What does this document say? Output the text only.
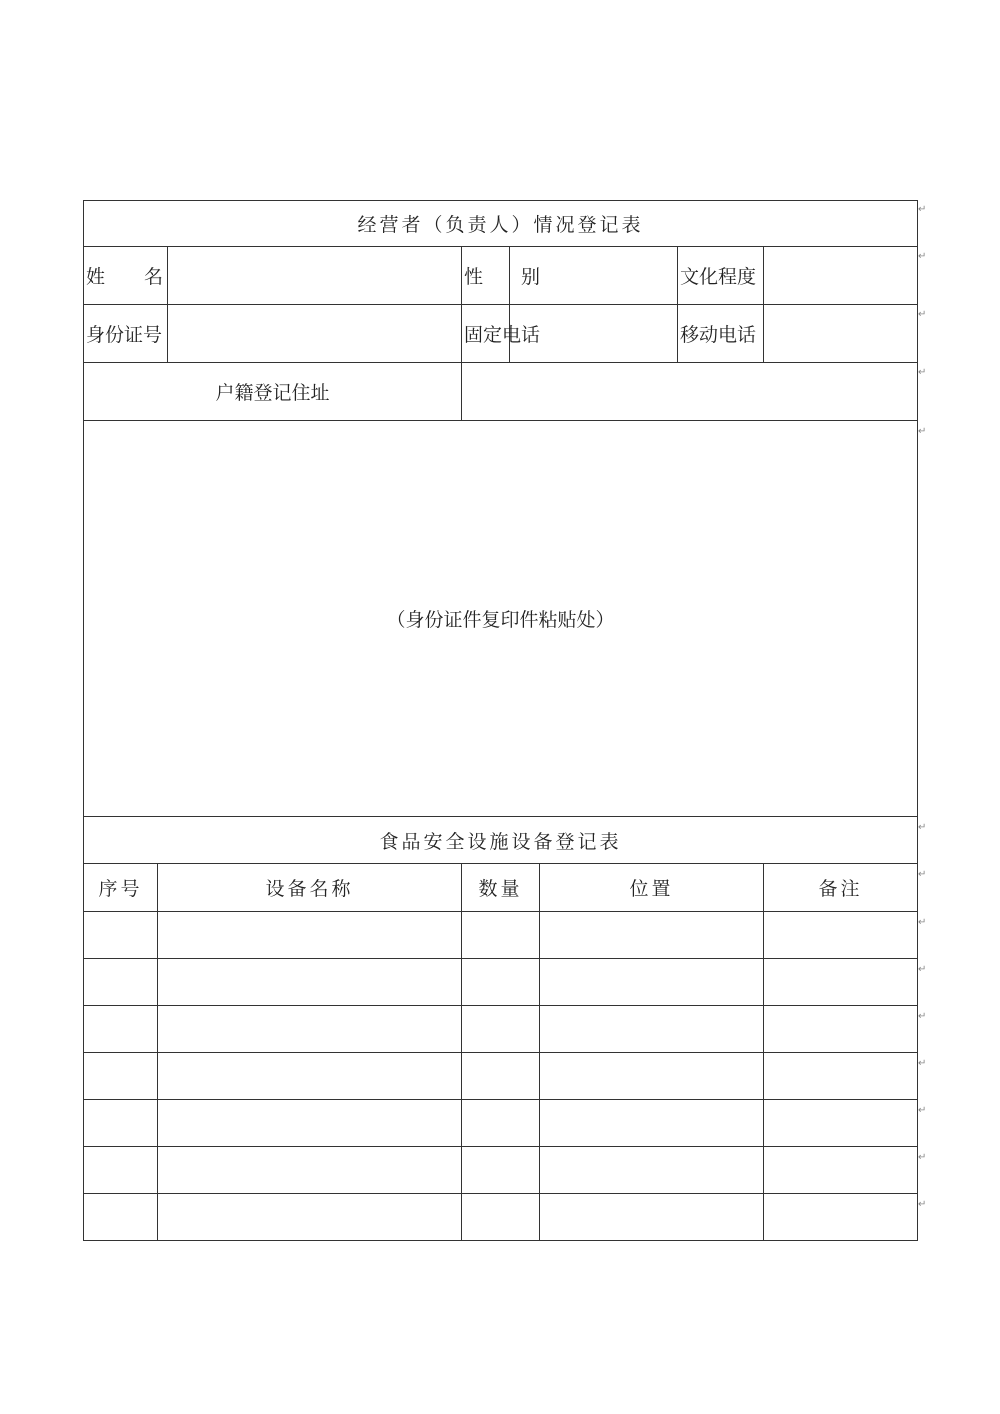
经营者（负责人）情况登记表							
姓　　名			性　　别			文化程度	
身份证号			固定电话			移动电话	
户籍登记住址							
（身份证件复印件粘贴处）							
食品安全设施设备登记表							
序号	设备名称		数量		位置		备注

↵
↵
↵
↵
↵
↵
↵
↵
↵
↵
↵
↵
↵
↵
